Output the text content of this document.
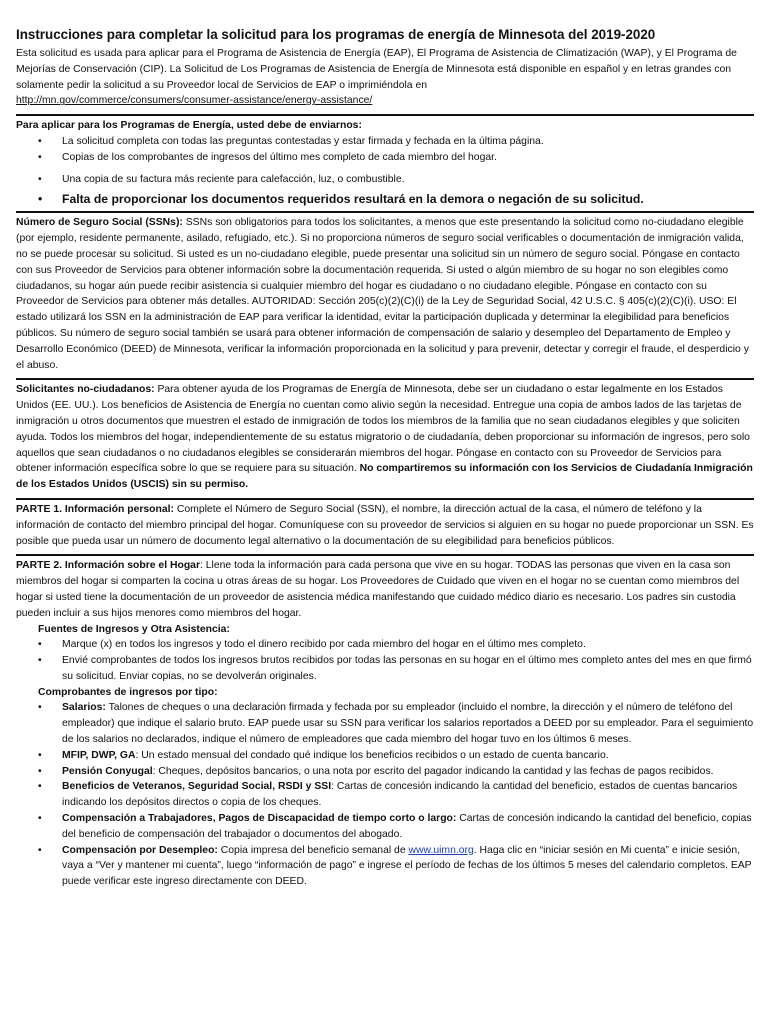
Instrucciones para completar la solicitud para los programas de energía de Minnesota del 2019-2020

Esta solicitud es usada para aplicar para el Programa de Asistencia de Energía (EAP), El Programa de Asistencia de Climatización (WAP), y El Programa de Mejorías de Conservación (CIP). La Solicitud de Los Programas de Asistencia de Energía de Minnesota está disponible en español y en letras grandes con solamente pedir la solicitud a su Proveedor local de Servicios de EAP o imprimiéndola en
http://mn.gov/commerce/consumers/consumer-assistance/energy-assistance/

Para aplicar para los Programas de Energía, usted debe de enviarnos:

• La solicitud completa con todas las preguntas contestadas y estar firmada y fechada en la última página.
• Copias de los comprobantes de ingresos del último mes completo de cada miembro del hogar.
• Una copia de su factura más reciente para calefacción, luz, o combustible.
• Falta de proporcionar los documentos requeridos resultará en la demora o negación de su solicitud.

Número de Seguro Social (SSNs): SSNs son obligatorios para todos los solicitantes, a menos que este presentando la solicitud como no-ciudadano elegible (por ejemplo, residente permanente, asilado, refugiado, etc.). Si no proporciona números de seguro social verificables o documentación de inmigración valida, no se puede procesar su solicitud. Si usted es un no-ciudadano elegible, puede presentar una solicitud sin un número de seguro social. Póngase en contacto con sus Proveedor de Servicios para obtener información sobre la documentación requerida. Si usted o algún miembro de su hogar no son elegibles como ciudadanos, su hogar aún puede recibir asistencia si cualquier miembro del hogar es ciudadano o no ciudadano elegible. Póngase en contacto con su Proveedor de Servicios para obtener más detalles. AUTORIDAD: Sección 205(c)(2)(C)(i) de la Ley de Seguridad Social, 42 U.S.C. § 405(c)(2)(C)(i). USO: El estado utilizará los SSN en la administración de EAP para verificar la identidad, evitar la participación duplicada y determinar la elegibilidad para beneficios públicos. Su número de seguro social también se usará para obtener información de compensación de salario y desempleo del Departamento de Empleo y Desarrollo Económico (DEED) de Minnesota, verificar la información proporcionada en la solicitud y para prevenir, detectar y corregir el fraude, el desperdicio y el abuso.

Solicitantes no-ciudadanos: Para obtener ayuda de los Programas de Energía de Minnesota, debe ser un ciudadano o estar legalmente en los Estados Unidos (EE. UU.). Los beneficios de Asistencia de Energía no cuentan como alivio según la necesidad. Entregue una copia de ambos lados de las tarjetas de inmigración u otros documentos que muestren el estado de inmigración de todos los miembros de la familia que no sean ciudadanos elegibles y que soliciten ayuda. Todos los miembros del hogar, independientemente de su estatus migratorio o de ciudadanía, deben proporcionar su información de ingresos, pero solo aquellos que sean ciudadanos o no ciudadanos elegibles se considerarán miembros del hogar. Póngase en contacto con su Proveedor de Servicios para obtener información específica sobre lo que se requiere para su situación. No compartiremos su información con los Servicios de Ciudadanía Inmigración de los Estados Unidos (USCIS) sin su permiso.

PARTE 1. Información personal: Complete el Número de Seguro Social (SSN), el nombre, la dirección actual de la casa, el número de teléfono y la información de contacto del miembro principal del hogar. Comuníquese con su proveedor de servicios si alguien en su hogar no puede proporcionar un SSN. Es posible que pueda usar un número de documento legal alternativo o la documentación de su elegibilidad para beneficios públicos.

PARTE 2. Información sobre el Hogar: Llene toda la información para cada persona que vive en su hogar. TODAS las personas que viven en la casa son miembros del hogar si comparten la cocina u otras áreas de su hogar. Los Proveedores de Cuidado que viven en el hogar no se cuentan como miembros del hogar si usted tiene la documentación de un proveedor de asistencia médica manifestando que cuidado médico diario es necesario. Los padres sin custodia pueden incluir a sus hijos menores como miembros del hogar.

Fuentes de Ingresos y Otra Asistencia:

• Marque (x) en todos los ingresos y todo el dinero recibido por cada miembro del hogar en el último mes completo.
• Envié comprobantes de todos los ingresos brutos recibidos por todas las personas en su hogar en el último mes completo antes del mes en que firmó su solicitud. Enviar copias, no se devolverán originales.

Comprobantes de ingresos por tipo:

• Salarios: Talones de cheques o una declaración firmada y fechada por su empleador (incluido el nombre, la dirección y el número de teléfono del empleador) que indique el salario bruto. EAP puede usar su SSN para verificar los salarios reportados a DEED por su empleador. Para el seguimiento de los salarios no declarados, indique el número de empleadores que cada miembro del hogar tuvo en los últimos 6 meses.
• MFIP, DWP, GA: Un estado mensual del condado qué indique los beneficios recibidos o un estado de cuenta bancario.
• Pensión Conyugal: Cheques, depósitos bancarios, o una nota por escrito del pagador indicando la cantidad y las fechas de pagos recibidos.
• Beneficios de Veteranos, Seguridad Social, RSDI y SSI: Cartas de concesión indicando la cantidad del beneficio, estados de cuentas bancarios indicando los depósitos directos o copia de los cheques.
• Compensación a Trabajadores, Pagos de Discapacidad de tiempo corto o largo: Cartas de concesión indicando la cantidad del beneficio, copias del beneficio de compensación del trabajador o documentos del abogado.
• Compensación por Desempleo: Copia impresa del beneficio semanal de www.uimn.org. Haga clic en “iniciar sesión en Mi cuenta” e inicie sesión, vaya a “Ver y mantener mi cuenta”, luego “información de pago” e ingrese el período de fechas de los últimos 5 meses del calendario completos. EAP puede verificar este ingreso directamente con DEED.
